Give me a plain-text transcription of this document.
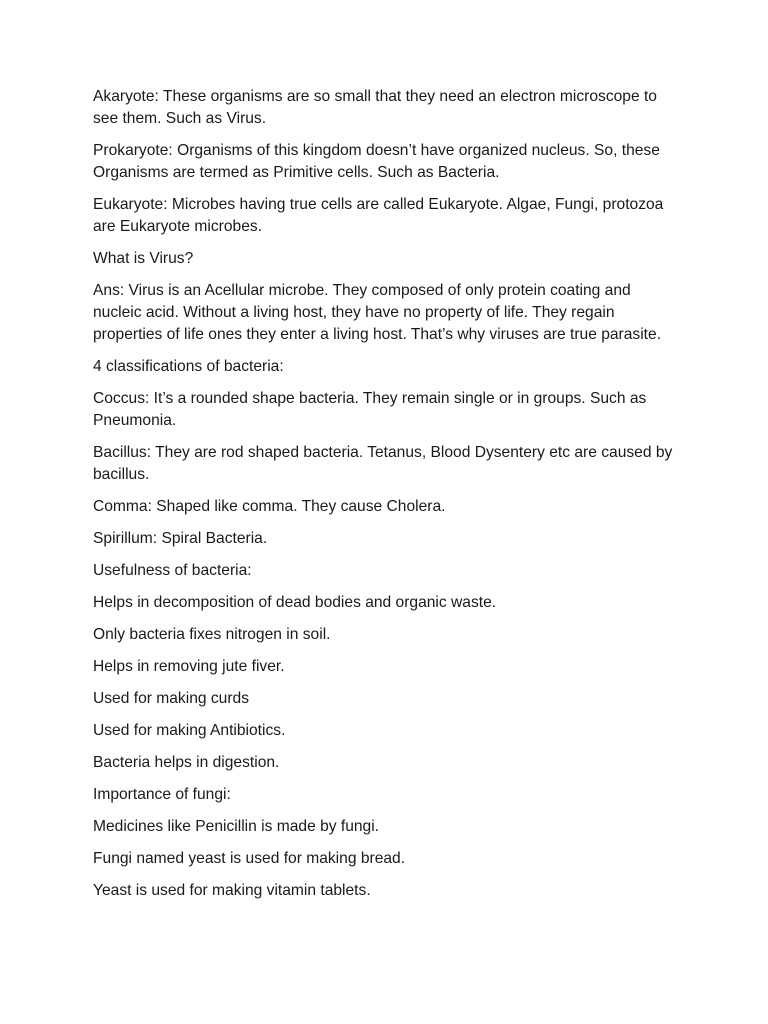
Akaryote: These organisms are so small that they need an electron microscope to see them. Such as Virus.

Prokaryote: Organisms of this kingdom doesn’t have organized nucleus. So, these Organisms are termed as Primitive cells. Such as Bacteria.

Eukaryote: Microbes having true cells are called Eukaryote. Algae, Fungi, protozoa are Eukaryote microbes.

What is Virus?

Ans: Virus is an Acellular microbe. They composed of only protein coating and nucleic acid. Without a living host, they have no property of life. They regain properties of life ones they enter a living host. That’s why viruses are true parasite.

4 classifications of bacteria:

Coccus: It’s a rounded shape bacteria. They remain single or in groups. Such as Pneumonia.

Bacillus: They are rod shaped bacteria. Tetanus, Blood Dysentery etc are caused by bacillus.

Comma: Shaped like comma. They cause Cholera.

Spirillum: Spiral Bacteria.

Usefulness of bacteria:

Helps in decomposition of dead bodies and organic waste.

Only bacteria fixes nitrogen in soil.

Helps in removing jute fiver.

Used for making curds

Used for making Antibiotics.

Bacteria helps in digestion.

Importance of fungi:

Medicines like Penicillin is made by fungi.

Fungi named yeast is used for making bread.

Yeast is used for making vitamin tablets.
